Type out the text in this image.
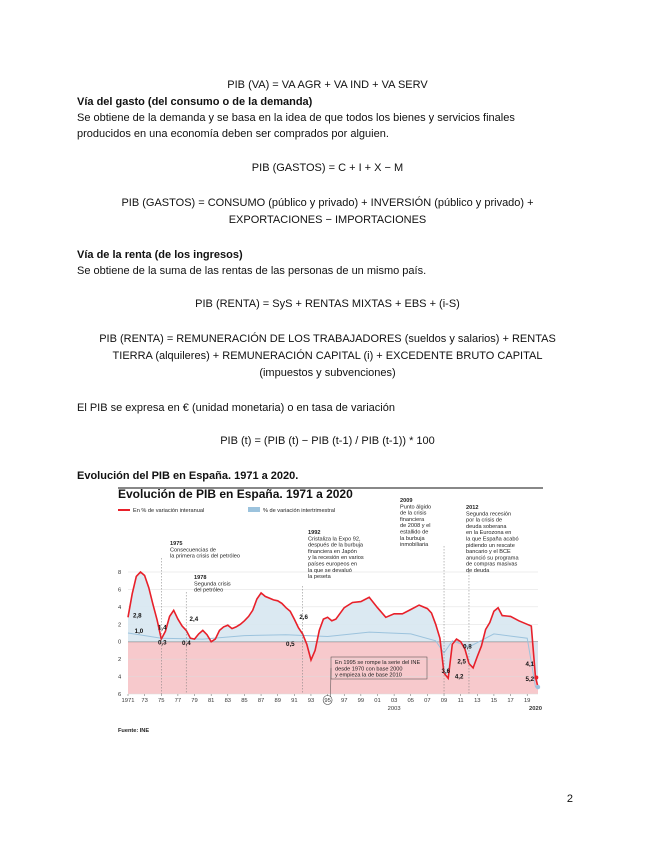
PIB (VA) = VA AGR + VA IND + VA SERV
Vía del gasto (del consumo o de la demanda)
Se obtiene de la demanda y se basa en la idea de que todos los bienes y servicios finales
producidos en una economía deben ser comprados por alguien.
PIB (GASTOS) = C + I + X − M
PIB (GASTOS) = CONSUMO (público y privado) + INVERSIÓN (público y privado) +
EXPORTACIONES − IMPORTACIONES
Vía de la renta (de los ingresos)
Se obtiene de la suma de las rentas de las personas de un mismo país.
PIB (RENTA) = SyS + RENTAS MIXTAS + EBS + (i-S)
PIB (RENTA) = REMUNERACIÓN DE LOS TRABAJADORES (sueldos y salarios) + RENTAS
TIERRA (alquileres) + REMUNERACIÓN CAPITAL (i) + EXCEDENTE BRUTO CAPITAL
(impuestos y subvenciones)
El PIB se expresa en € (unidad monetaria) o en tasa de variación
PIB (t) = (PIB (t) − PIB (t-1) / PIB (t-1)) * 100
Evolución del PIB en España. 1971 a 2020.
Evolución de PIB en España. 1971 a 2020
En % de variación interanual	% de variación intertrimestral
8
6
4
2
0
2
4
6
1971 73 75 77 79 81 83 85 87 89 91 93 95 97 99 01 03 05 07 09 11 13 15 17 19
2003	2020
2,8
1,0 1,4
0,3
2,4
0,4	0,5
2,6
3,6
0,8
2,5
4,2
4,1
5,2
1975
Consecuencias de
la primera crisis del petróleo
1978
Segunda crisis
del petróleo
1992
Cristaliza la Expo 92,
después de la burbuja
financiera en Japón
y la recesión en varios
países europeos en
la que se devaluó
la peseta
2009
Punto álgido
de la crisis
financiera
de 2008 y el
estallido de
la burbuja
inmobiliaria
2012
Segunda recesión
por la crisis de
deuda soberana
en la Eurozona en
la que España acabó
pidiendo un rescate
bancario y el BCE
anunció su programa
de compras masivas
de deuda
En 1995 se rompe la serie del INE
desde 1970 con base 2000
y empieza la de base 2010
Fuente: INE
2
